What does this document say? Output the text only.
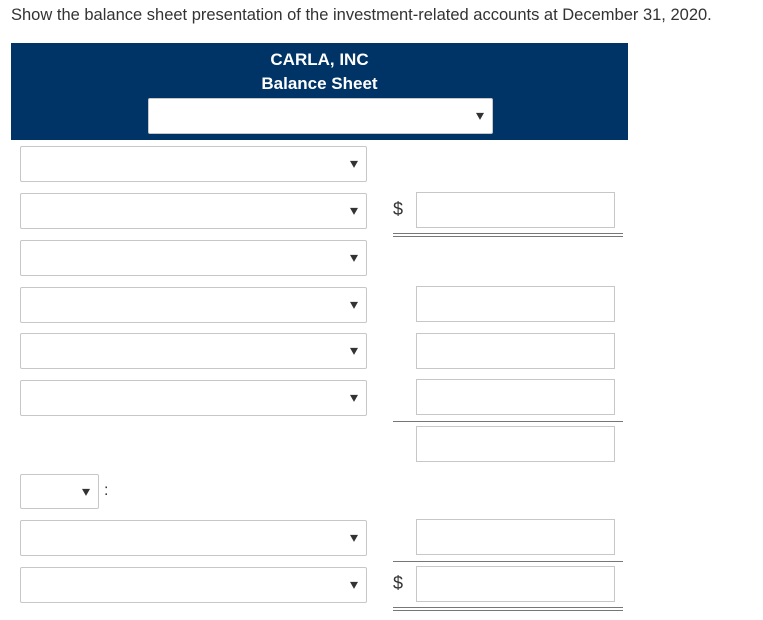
Show the balance sheet presentation of the investment-related accounts at December 31, 2020.
CARLA, INC
Balance Sheet
$
:
$
